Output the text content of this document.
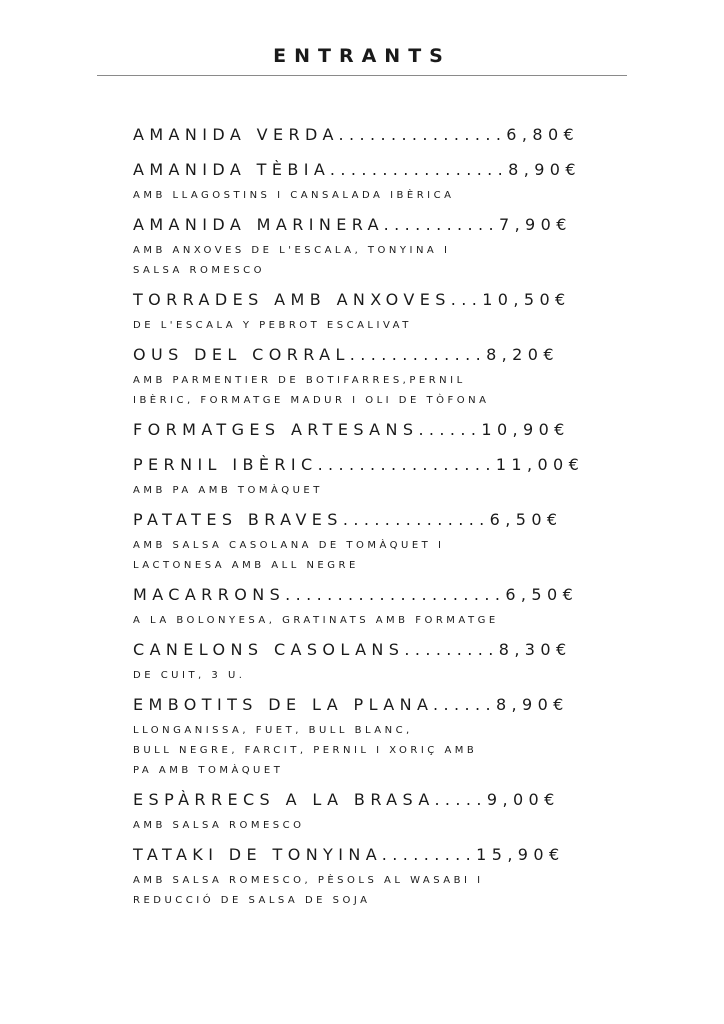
ENTRANTS
AMANIDA VERDA................6,80€
AMANIDA TÈBIA.................8,90€
AMB LLAGOSTINS I CANSALADA IBÈRICA
AMANIDA MARINERA...........7,90€
AMB ANXOVES DE L'ESCALA, TONYINA I
SALSA ROMESCO
TORRADES AMB ANXOVES...10,50€
DE L'ESCALA Y PEBROT ESCALIVAT
OUS DEL CORRAL.............8,20€
AMB PARMENTIER DE BOTIFARRES,PERNIL
IBÈRIC, FORMATGE MADUR I OLI DE TÒFONA
FORMATGES ARTESANS......10,90€
PERNIL IBÈRIC.................11,00€
AMB PA AMB TOMÀQUET
PATATES BRAVES..............6,50€
AMB SALSA CASOLANA DE TOMÀQUET I
LACTONESA AMB ALL NEGRE
MACARRONS.....................6,50€
A LA BOLONYESA, GRATINATS AMB FORMATGE
CANELONS CASOLANS.........8,30€
DE CUIT, 3 U.
EMBOTITS DE LA PLANA......8,90€
LLONGANISSA, FUET, BULL BLANC,
BULL NEGRE, FARCIT, PERNIL I XORIÇ AMB
PA AMB TOMÀQUET
ESPÀRRECS A LA BRASA.....9,00€
AMB SALSA ROMESCO
TATAKI DE TONYINA.........15,90€
AMB SALSA ROMESCO, PÈSOLS AL WASABI I
REDUCCIÓ DE SALSA DE SOJA
